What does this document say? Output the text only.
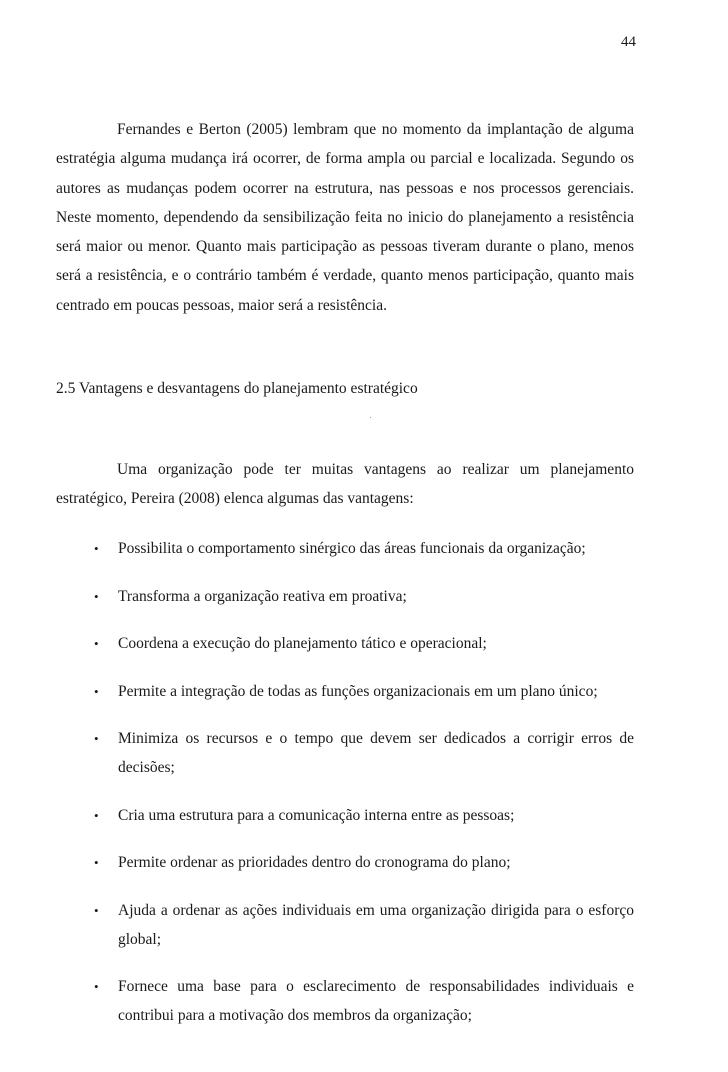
44

Fernandes e Berton (2005) lembram que no momento da implantação de alguma estratégia alguma mudança irá ocorrer, de forma ampla ou parcial e localizada. Segundo os autores as mudanças podem ocorrer na estrutura, nas pessoas e nos processos gerenciais. Neste momento, dependendo da sensibilização feita no inicio do planejamento a resistência será maior ou menor. Quanto mais participação as pessoas tiveram durante o plano, menos será a resistência, e o contrário também é verdade, quanto menos participação, quanto mais centrado em poucas pessoas, maior será a resistência.

2.5 Vantagens e desvantagens do planejamento estratégico

Uma organização pode ter muitas vantagens ao realizar um planejamento estratégico, Pereira (2008) elenca algumas das vantagens:

• Possibilita o comportamento sinérgico das áreas funcionais da organização;
• Transforma a organização reativa em proativa;
• Coordena a execução do planejamento tático e operacional;
• Permite a integração de todas as funções organizacionais em um plano único;
• Minimiza os recursos e o tempo que devem ser dedicados a corrigir erros de decisões;
• Cria uma estrutura para a comunicação interna entre as pessoas;
• Permite ordenar as prioridades dentro do cronograma do plano;
• Ajuda a ordenar as ações individuais em uma organização dirigida para o esforço global;
• Fornece uma base para o esclarecimento de responsabilidades individuais e contribui para a motivação dos membros da organização;
